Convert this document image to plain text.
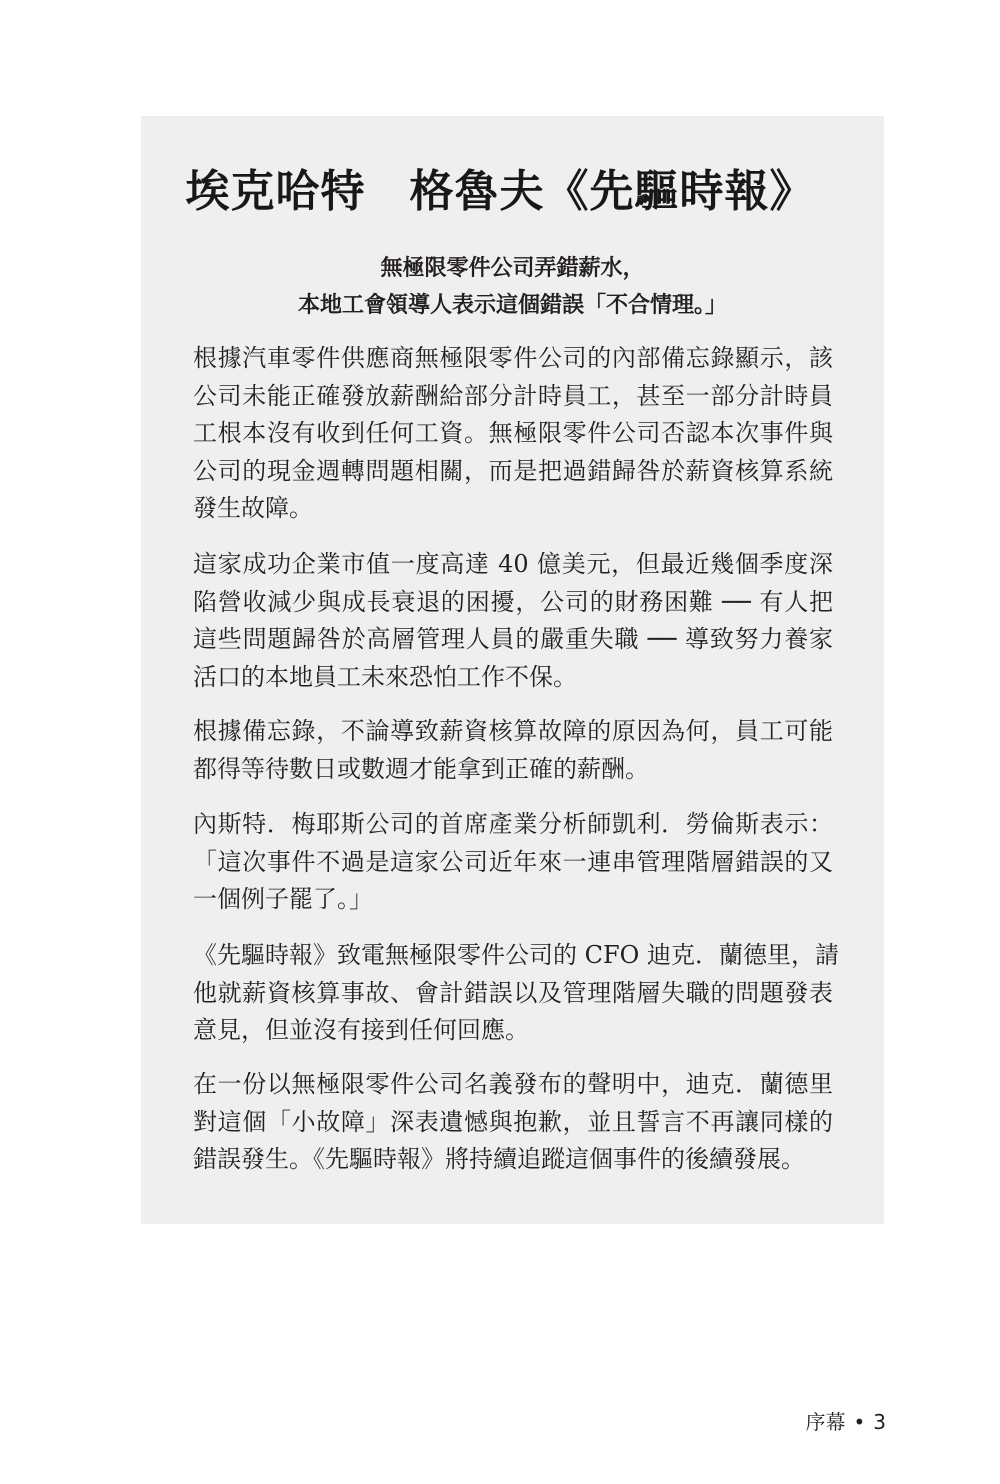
埃克哈特 格魯夫《先驅時報》

無極限零件公司弄錯薪水，

本地工會領導人表示這個錯誤「不合情理。」

根據汽車零件供應商無極限零件公司的內部備忘錄顯示，該
公司未能正確發放薪酬給部分計時員工，甚至一部分計時員
工根本沒有收到任何工資。無極限零件公司否認本次事件與
公司的現金週轉問題相關，而是把過錯歸咎於薪資核算系統
發生故障。
這家成功企業市值一度高達 40 億美元，但最近幾個季度深
陷營收減少與成長衰退的困擾，公司的財務困難 ── 有人把
這些問題歸咎於高層管理人員的嚴重失職 ── 導致努力養家
活口的本地員工未來恐怕工作不保。
根據備忘錄，不論導致薪資核算故障的原因為何，員工可能
都得等待數日或數週才能拿到正確的薪酬。
內斯特．梅耶斯公司的首席產業分析師凱利．勞倫斯表示：
「這次事件不過是這家公司近年來一連串管理階層錯誤的又
一個例子罷了。」
《先驅時報》致電無極限零件公司的 CFO 迪克．蘭德里，請
他就薪資核算事故、會計錯誤以及管理階層失職的問題發表
意見，但並沒有接到任何回應。
在一份以無極限零件公司名義發布的聲明中，迪克．蘭德里
對這個「小故障」深表遺憾與抱歉，並且誓言不再讓同樣的
錯誤發生。《先驅時報》將持續追蹤這個事件的後續發展。
序幕 • 3
